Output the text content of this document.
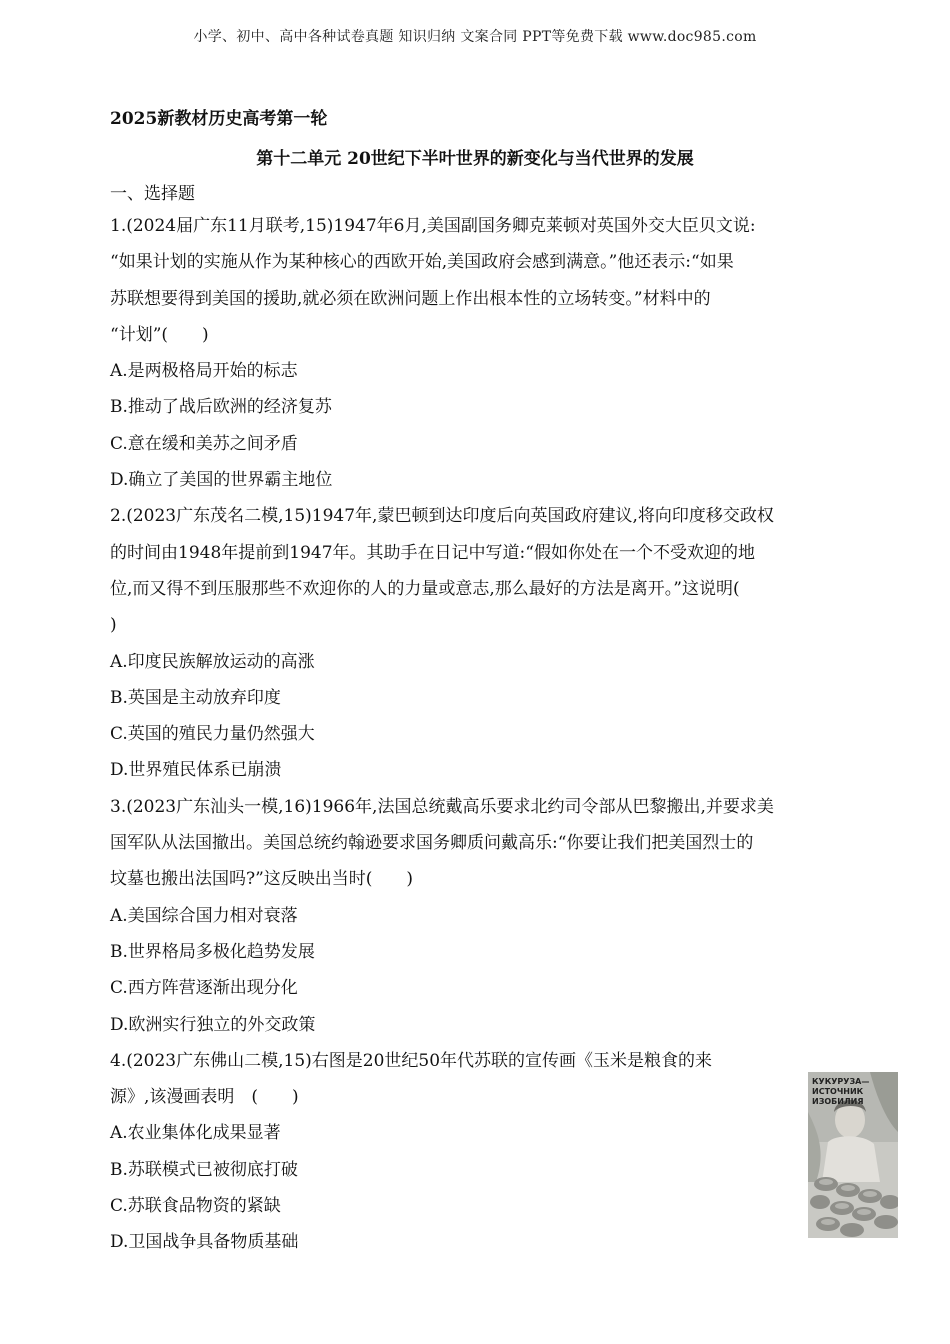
小学、初中、高中各种试卷真题 知识归纳 文案合同 PPT等免费下载 www.doc985.com
2025新教材历史高考第一轮
第十二单元 20世纪下半叶世界的新变化与当代世界的发展
一、选择题

1.(2024届广东11月联考,15)1947年6月,美国副国务卿克莱顿对英国外交大臣贝文说:

“如果计划的实施从作为某种核心的西欧开始,美国政府会感到满意。”他还表示:“如果

苏联想要得到美国的援助,就必须在欧洲问题上作出根本性的立场转变。”材料中的

“计划”(　　)

A.是两极格局开始的标志

B.推动了战后欧洲的经济复苏

C.意在缓和美苏之间矛盾

D.确立了美国的世界霸主地位

2.(2023广东茂名二模,15)1947年,蒙巴顿到达印度后向英国政府建议,将向印度移交政权

的时间由1948年提前到1947年。其助手在日记中写道:“假如你处在一个不受欢迎的地

位,而又得不到压服那些不欢迎你的人的力量或意志,那么最好的方法是离开。”这说明(

)

A.印度民族解放运动的高涨

B.英国是主动放弃印度

C.英国的殖民力量仍然强大

D.世界殖民体系已崩溃

3.(2023广东汕头一模,16)1966年,法国总统戴高乐要求北约司令部从巴黎搬出,并要求美

国军队从法国撤出。美国总统约翰逊要求国务卿质问戴高乐:“你要让我们把美国烈士的

坟墓也搬出法国吗?”这反映出当时(　　)

A.美国综合国力相对衰落

B.世界格局多极化趋势发展

C.西方阵营逐渐出现分化

D.欧洲实行独立的外交政策

4.(2023广东佛山二模,15)右图是20世纪50年代苏联的宣传画《玉米是粮食的来

源》,该漫画表明　(　　)

A.农业集体化成果显著

B.苏联模式已被彻底打破

C.苏联食品物资的紧缺

D.卫国战争具备物质基础

КУКУРУЗА—
ИСТОЧНИК
ИЗОБИЛИЯ
